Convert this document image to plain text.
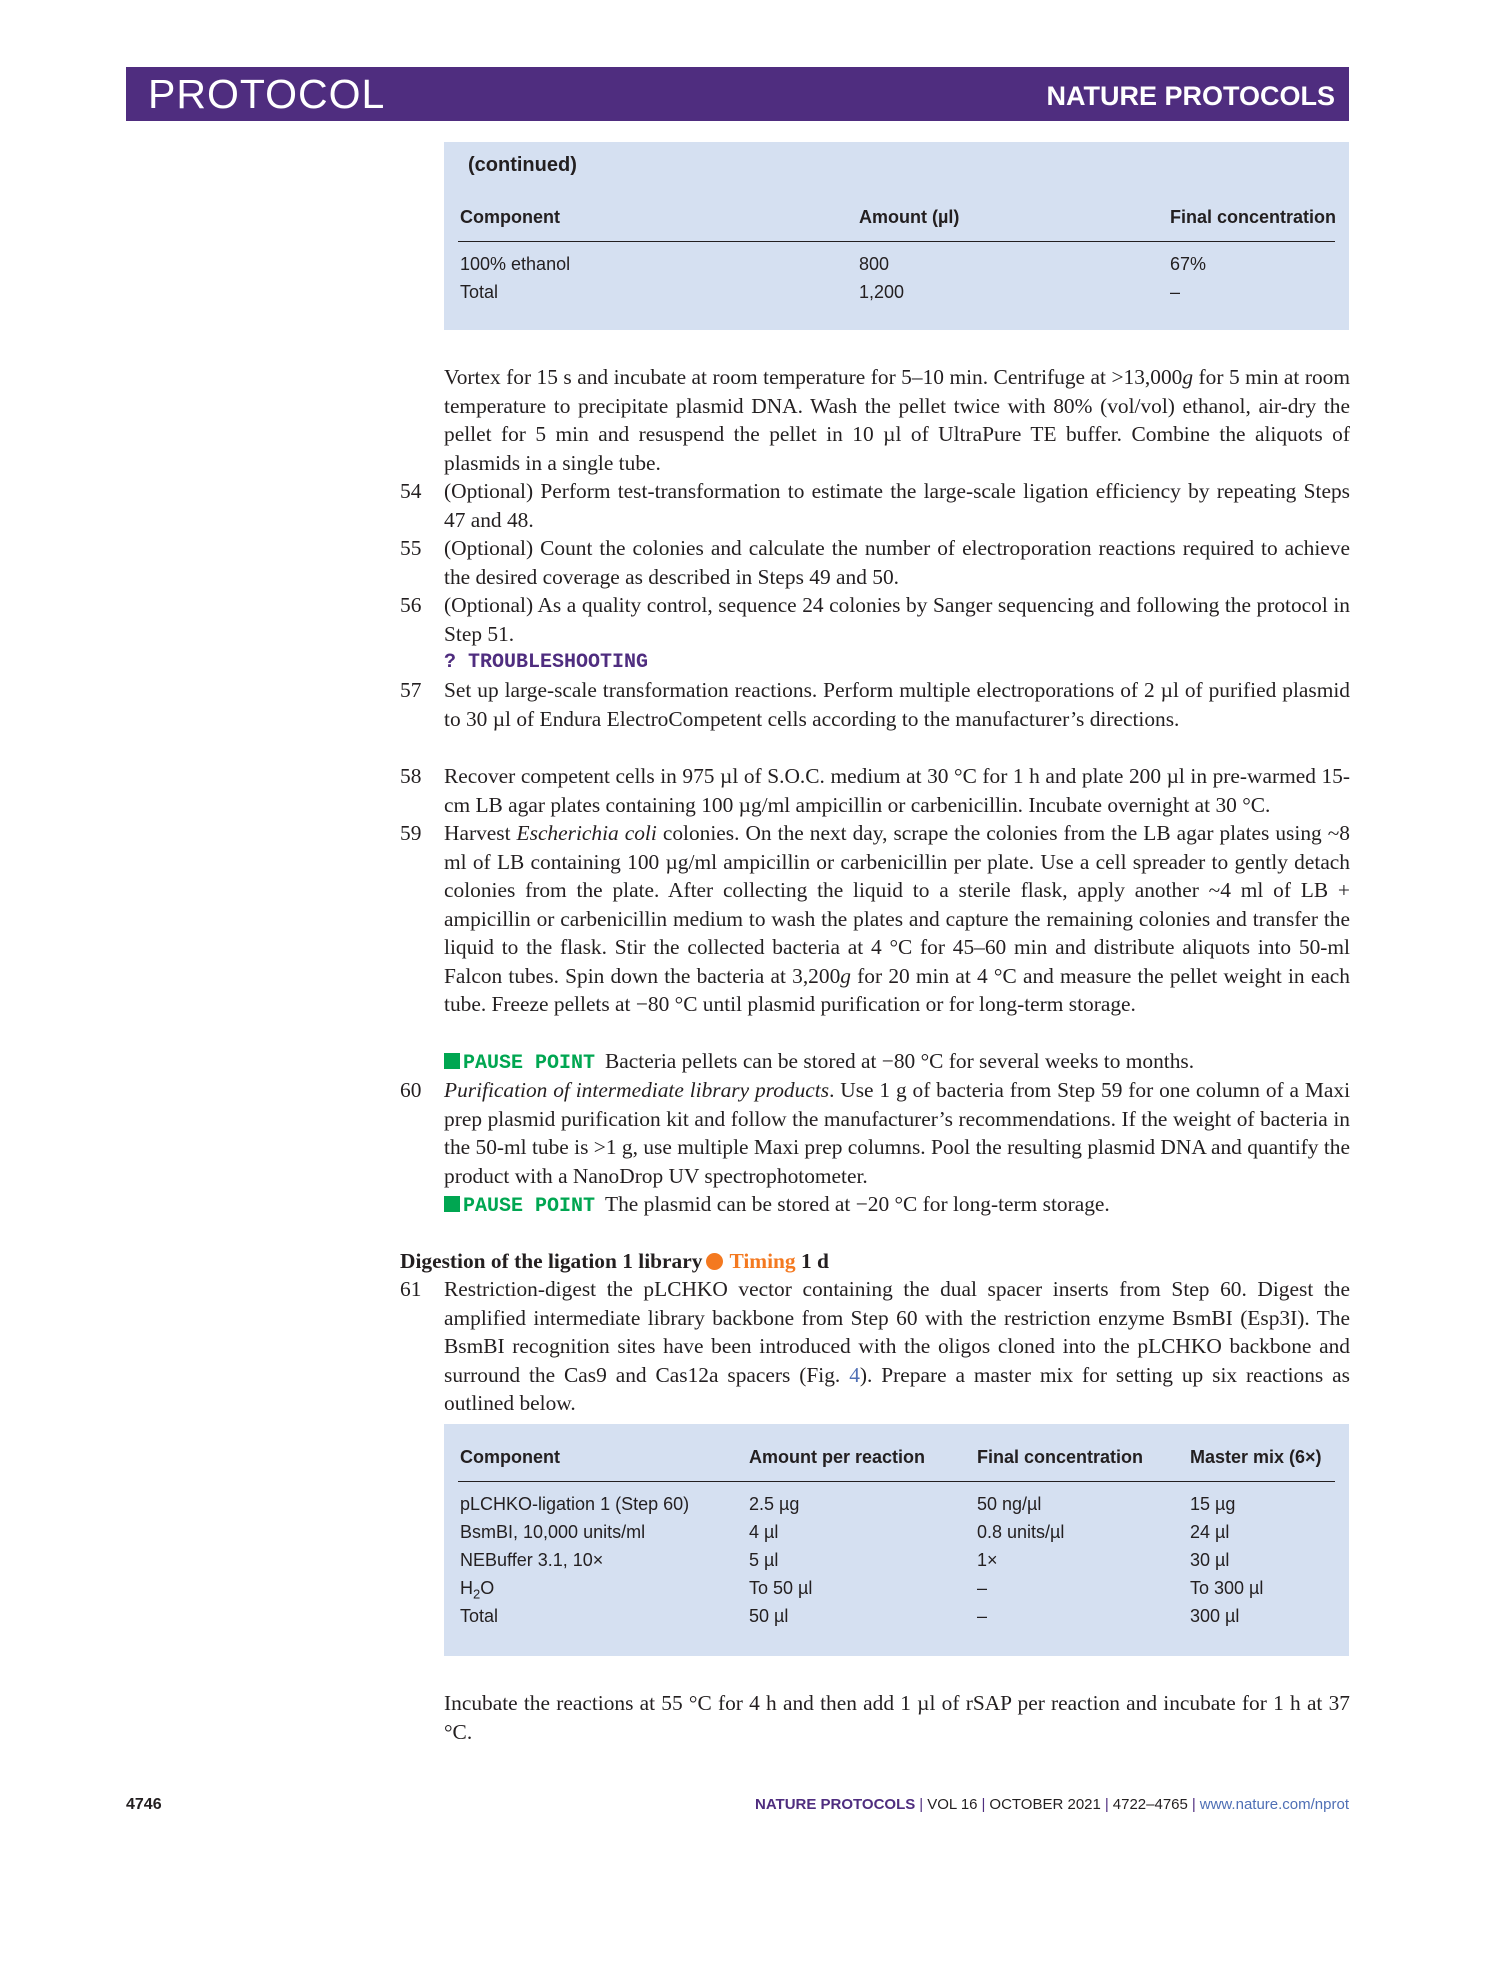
PROTOCOL	NATURE PROTOCOLS
(continued)
Component	Amount (µl)	Final concentration
100% ethanol	800	67%
Total	1,200	–
Vortex for 15 s and incubate at room temperature for 5–10 min. Centrifuge at >13,000g for 5 min at room temperature to precipitate plasmid DNA. Wash the pellet twice with 80% (vol/vol) ethanol, air-dry the pellet for 5 min and resuspend the pellet in 10 µl of UltraPure TE buffer. Combine the aliquots of plasmids in a single tube.
54	(Optional) Perform test-transformation to estimate the large-scale ligation efficiency by repeating Steps 47 and 48.
55	(Optional) Count the colonies and calculate the number of electroporation reactions required to achieve the desired coverage as described in Steps 49 and 50.
56	(Optional) As a quality control, sequence 24 colonies by Sanger sequencing and following the protocol in Step 51.
? TROUBLESHOOTING
57	Set up large-scale transformation reactions. Perform multiple electroporations of 2 µl of purified plasmid to 30 µl of Endura ElectroCompetent cells according to the manufacturer’s directions.
58	Recover competent cells in 975 µl of S.O.C. medium at 30 °C for 1 h and plate 200 µl in pre-warmed 15-cm LB agar plates containing 100 µg/ml ampicillin or carbenicillin. Incubate overnight at 30 °C.
59	Harvest Escherichia coli colonies. On the next day, scrape the colonies from the LB agar plates using ~8 ml of LB containing 100 µg/ml ampicillin or carbenicillin per plate. Use a cell spreader to gently detach colonies from the plate. After collecting the liquid to a sterile flask, apply another ~4 ml of LB + ampicillin or carbenicillin medium to wash the plates and capture the remaining colonies and transfer the liquid to the flask. Stir the collected bacteria at 4 °C for 45–60 min and distribute aliquots into 50-ml Falcon tubes. Spin down the bacteria at 3,200g for 20 min at 4 °C and measure the pellet weight in each tube. Freeze pellets at −80 °C until plasmid purification or for long-term storage.
PAUSE POINT Bacteria pellets can be stored at −80 °C for several weeks to months.
60	Purification of intermediate library products. Use 1 g of bacteria from Step 59 for one column of a Maxi prep plasmid purification kit and follow the manufacturer’s recommendations. If the weight of bacteria in the 50-ml tube is >1 g, use multiple Maxi prep columns. Pool the resulting plasmid DNA and quantify the product with a NanoDrop UV spectrophotometer.
PAUSE POINT The plasmid can be stored at −20 °C for long-term storage.
Digestion of the ligation 1 library Timing 1 d
61	Restriction-digest the pLCHKO vector containing the dual spacer inserts from Step 60. Digest the amplified intermediate library backbone from Step 60 with the restriction enzyme BsmBI (Esp3I). The BsmBI recognition sites have been introduced with the oligos cloned into the pLCHKO backbone and surround the Cas9 and Cas12a spacers (Fig. 4). Prepare a master mix for setting up six reactions as outlined below.
Component	Amount per reaction	Final concentration	Master mix (6×)
pLCHKO-ligation 1 (Step 60)	2.5 µg	50 ng/µl	15 µg
BsmBI, 10,000 units/ml	4 µl	0.8 units/µl	24 µl
NEBuffer 3.1, 10×	5 µl	1×	30 µl
$H_2O$	To 50 µl	–	To 300 µl
Total	50 µl	–	300 µl
Incubate the reactions at 55 °C for 4 h and then add 1 µl of rSAP per reaction and incubate for 1 h at 37 °C.
4746	NATURE PROTOCOLS | VOL 16 | OCTOBER 2021 | 4722–4765 | www.nature.com/nprot
